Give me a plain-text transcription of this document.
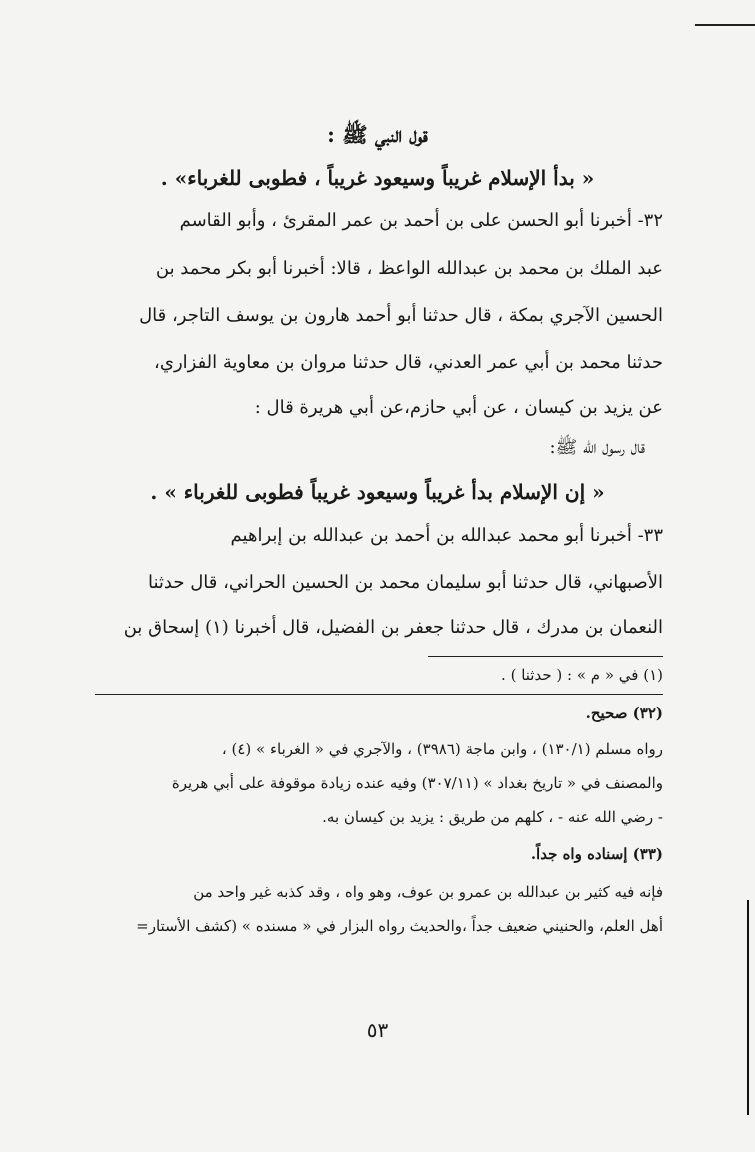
قول النبي ﷺ :
« بدأ الإسلام غريباً وسيعود غريباً ، فطوبى للغرباء» .
٣٢- أخبرنا أبو الحسن على بن أحمد بن عمر المقرئ ، وأبو القاسم
عبد الملك بن محمد بن عبدالله الواعظ ، قالا: أخبرنا أبو بكر محمد بن
الحسين الآجري بمكة ، قال حدثنا أبو أحمد هارون بن يوسف التاجر، قال
حدثنا محمد بن أبي عمر العدني، قال حدثنا مروان بن معاوية الفزاري،
عن يزيد بن كيسان ، عن أبي حازم،عن أبي هريرة قال :
قال رسول الله ﷺ:
« إن الإسلام بدأ غريباً وسيعود غريباً فطوبى للغرباء » .
٣٣- أخبرنا أبو محمد عبدالله بن أحمد بن عبدالله بن إبراهيم
الأصبهاني، قال حدثنا أبو سليمان محمد بن الحسين الحراني، قال حدثنا
النعمان بن مدرك ، قال حدثنا جعفر بن الفضيل، قال أخبرنا (١) إسحاق بن
(١) في « م » : ( حدثنا ) .
(٣٢) صحيح.
رواه مسلم (١٣٠/١) ، وابن ماجة (٣٩٨٦) ، والآجري في « الغرباء » (٤) ،
والمصنف في « تاريخ بغداد » (٣٠٧/١١) وفيه عنده زيادة موقوفة على أبي هريرة
- رضي الله عنه - ، كلهم من طريق : يزيد بن كيسان به.
(٣٣) إسناده واه جداً.
فإنه فيه كثير بن عبدالله بن عمرو بن عوف، وهو واه ، وقد كذبه غير واحد من
أهل العلم، والحنيني ضعيف جداً ،والحديث رواه البزار في « مسنده » (كشف الأستار=
٥٣
